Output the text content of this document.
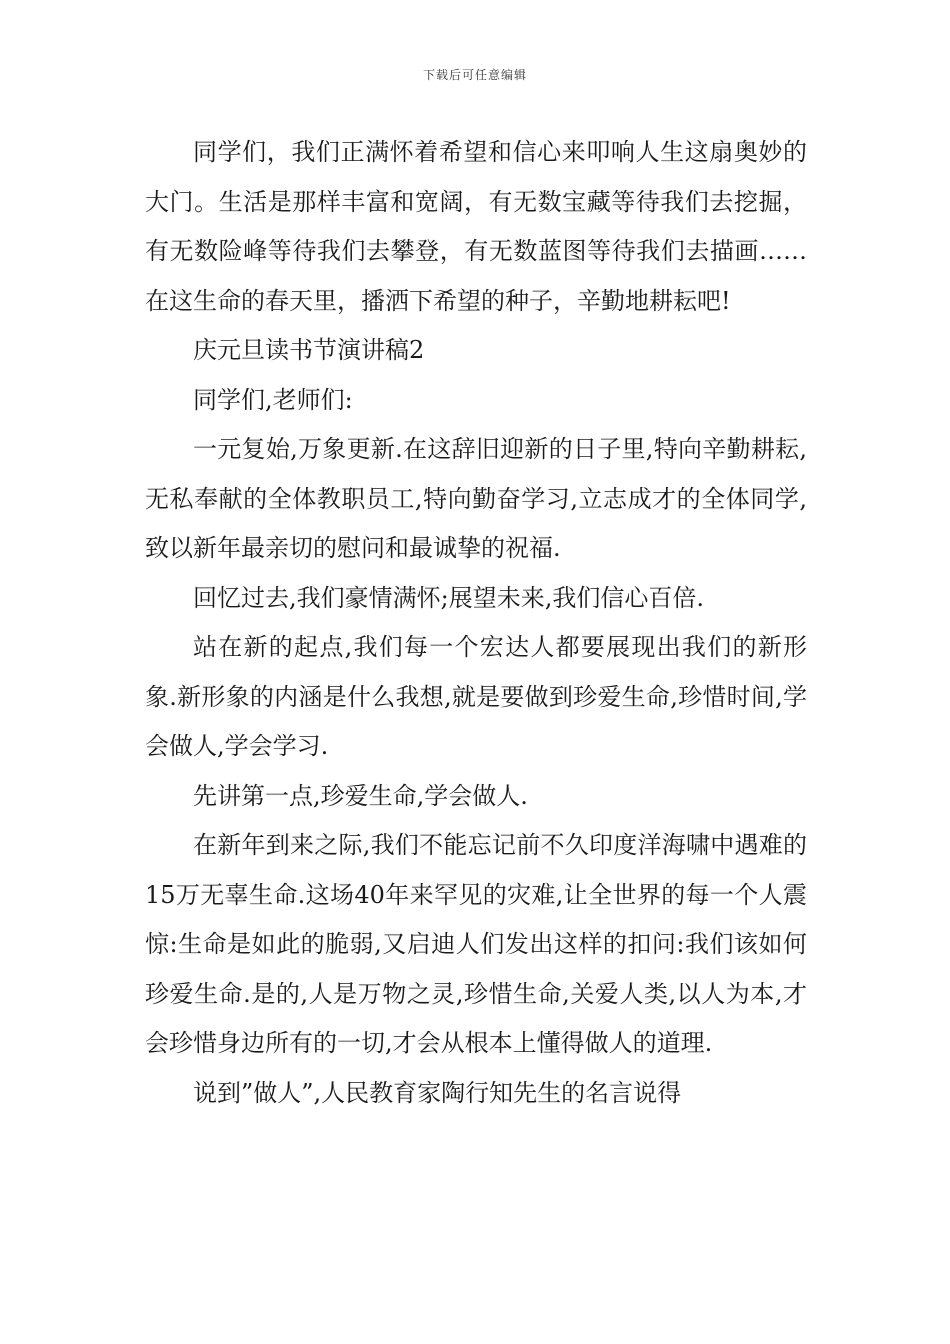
下载后可任意编辑

同学们，我们正满怀着希望和信心来叩响人生这扇奥妙的大门。生活是那样丰富和宽阔，有无数宝藏等待我们去挖掘，有无数险峰等待我们去攀登，有无数蓝图等待我们去描画……在这生命的春天里，播洒下希望的种子，辛勤地耕耘吧!

庆元旦读书节演讲稿2

同学们,老师们:

一元复始,万象更新.在这辞旧迎新的日子里,特向辛勤耕耘,无私奉献的全体教职员工,特向勤奋学习,立志成才的全体同学,致以新年最亲切的慰问和最诚挚的祝福.

回忆过去,我们豪情满怀;展望未来,我们信心百倍.

站在新的起点,我们每一个宏达人都要展现出我们的新形象.新形象的内涵是什么我想,就是要做到珍爱生命,珍惜时间,学会做人,学会学习.

先讲第一点,珍爱生命,学会做人.

在新年到来之际,我们不能忘记前不久印度洋海啸中遇难的15万无辜生命.这场40年来罕见的灾难,让全世界的每一个人震惊:生命是如此的脆弱,又启迪人们发出这样的扣问:我们该如何珍爱生命.是的,人是万物之灵,珍惜生命,关爱人类,以人为本,才会珍惜身边所有的一切,才会从根本上懂得做人的道理.

说到”做人”,人民教育家陶行知先生的名言说得
